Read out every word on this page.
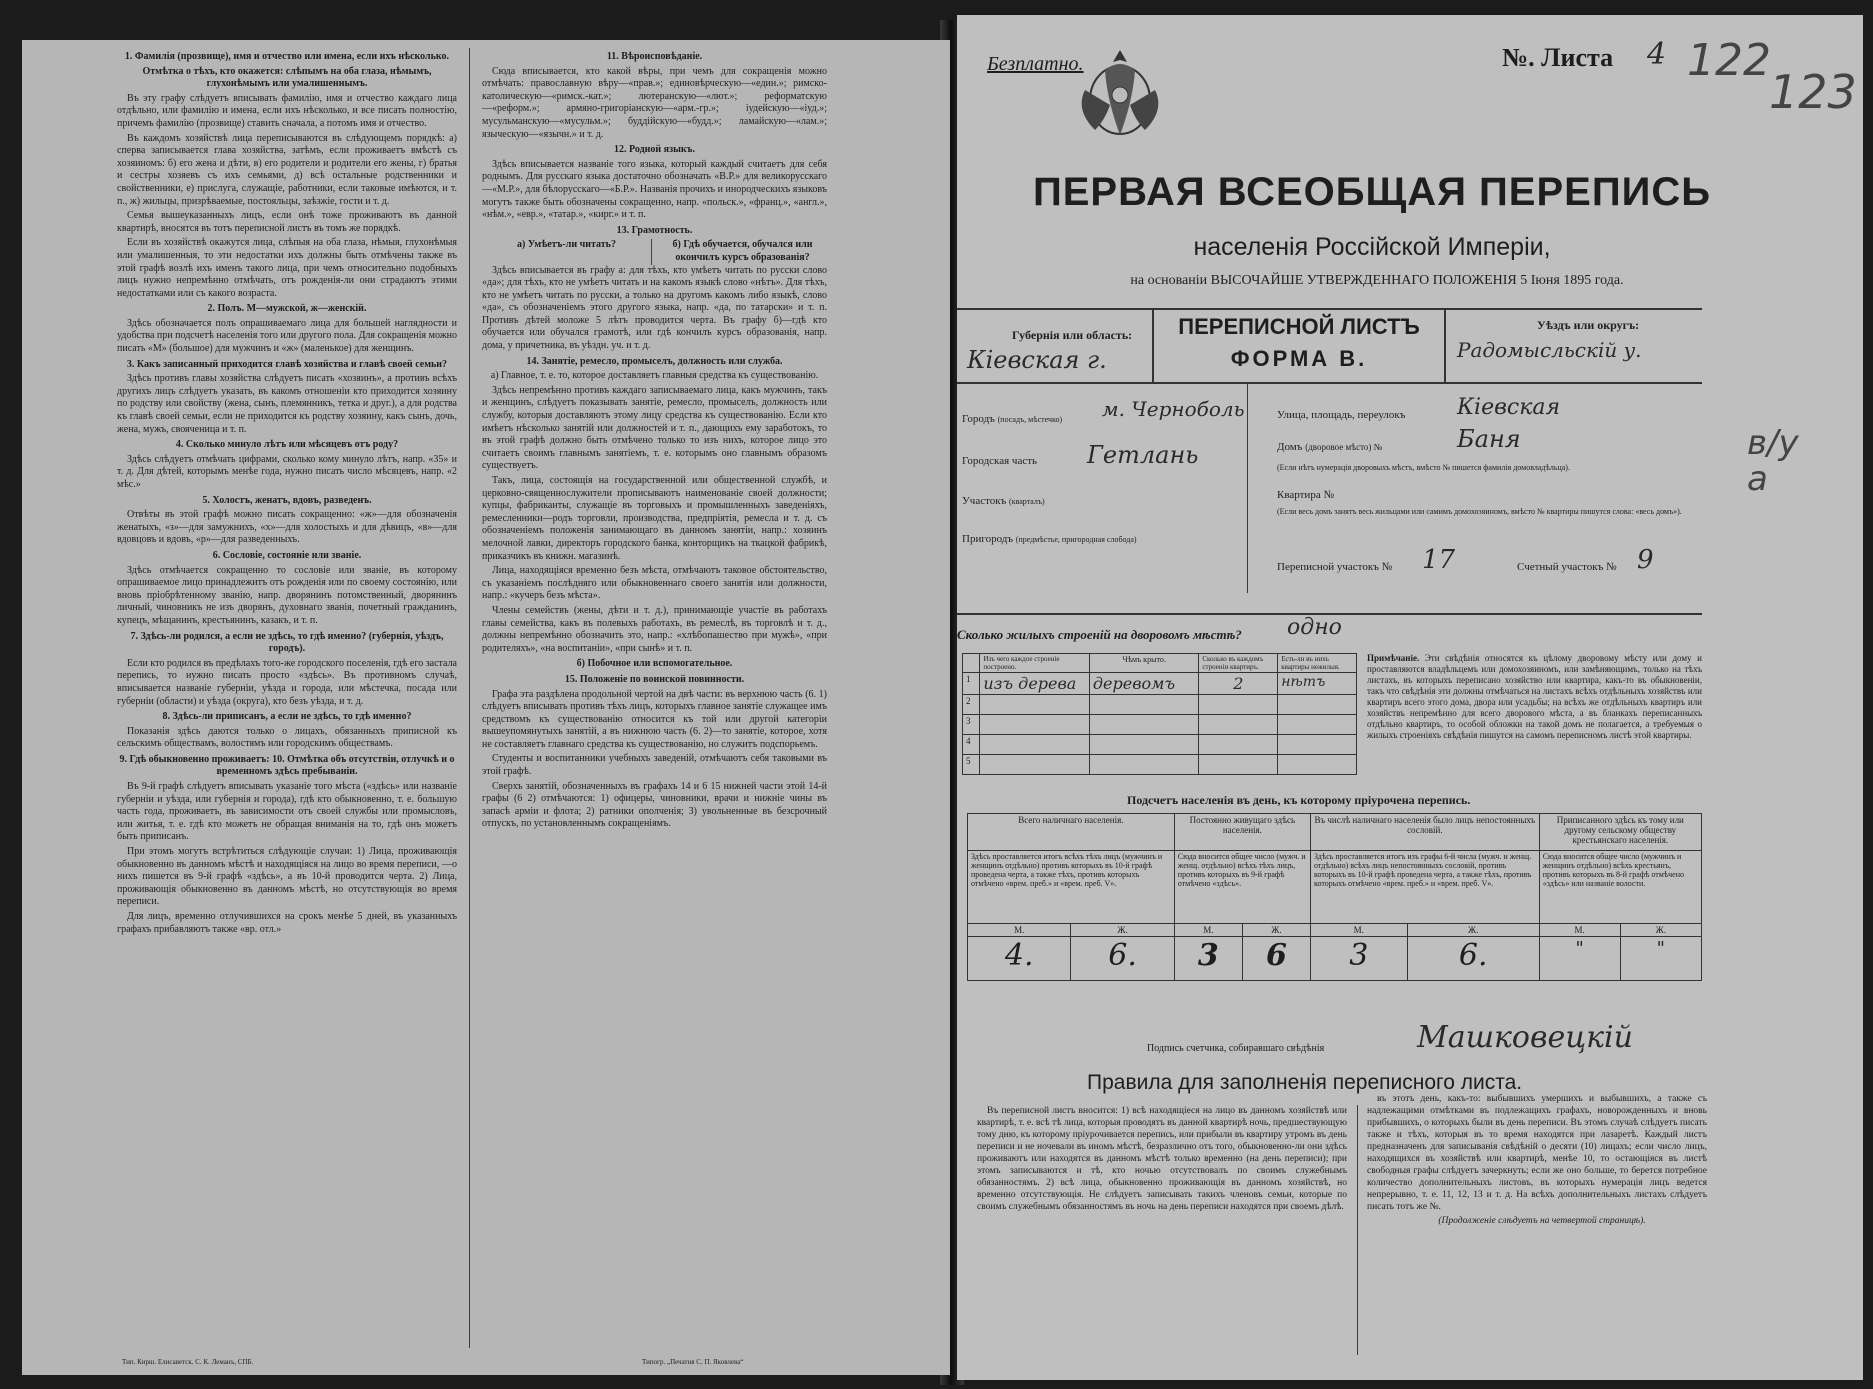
1. Фамилія (прозвище), имя и отчество или имена, если ихъ нѣсколько.

Отмѣтка о тѣхъ, кто окажется: слѣпымъ на оба глаза, нѣмымъ, глухонѣмымъ или умалишеннымъ.

Въ эту графу слѣдуетъ вписывать фамилію, имя и отчество каждаго лица отдѣльно, или фамилію и имена, если ихъ нѣсколько, и все писать полностію, причемъ фамилію (прозвище) ставить сначала, а потомъ имя и отчество.

Въ каждомъ хозяйствѣ лица переписываются въ слѣдующемъ порядкѣ: а) сперва записывается глава хозяйства, затѣмъ, если проживаетъ вмѣстѣ съ хозяиномъ: б) его жена и дѣти, в) его родители и родители его жены, г) братья и сестры хозяевъ съ ихъ семьями, д) всѣ остальные родственники и свойственники, е) прислуга, служащіе, работники, если таковые имѣются, и т. п., ж) жильцы, призрѣваемые, постояльцы, заѣзжіе, гости и т. д.

Семья вышеуказанныхъ лицъ, если онѣ тоже проживаютъ въ данной квартирѣ, вносятся въ тотъ переписной листъ въ томъ же порядкѣ.

Если въ хозяйствѣ окажутся лица, слѣпыя на оба глаза, нѣмыя, глухонѣмыя или умалишенныя, то эти недостатки ихъ должны быть отмѣчены также въ этой графѣ возлѣ ихъ именъ такого лица, при чемъ относительно подобныхъ лицъ нужно непремѣнно отмѣчать, отъ рожденія-ли они страдаютъ этими недостатками или съ какого возраста.

2. Полъ. М—мужской, ж—женскій.

Здѣсь обозначается полъ опрашиваемаго лица для большей наглядности и удобства при подсчетѣ населенія того или другого пола. Для сокращенія можно писать «М» (большое) для мужчинъ и «ж» (маленькое) для женщинъ.

3. Какъ записанный приходится главѣ хозяйства и главѣ своей семьи?

Здѣсь противъ главы хозяйства слѣдуетъ писать «хозяинъ», а противъ всѣхъ другихъ лицъ слѣдуетъ указать, въ какомъ отношеніи кто приходится хозяину по родству или свойству (жена, сынъ, племянникъ, тетка и друг.), а для родства къ главѣ своей семьи, если не приходится къ родству хозяину, какъ сынъ, дочь, жена, мужъ, свояченица и т. п.

4. Сколько минуло лѣтъ или мѣсяцевъ отъ роду?

Здѣсь слѣдуетъ отмѣчать цифрами, сколько кому минуло лѣтъ, напр. «35» и т. д. Для дѣтей, которымъ менѣе года, нужно писать число мѣсяцевъ, напр. «2 мѣс.»

5. Холостъ, женатъ, вдовъ, разведенъ.

Отвѣты въ этой графѣ можно писать сокращенно: «ж»—для обозначенія женатыхъ, «з»—для замужнихъ, «х»—для холостыхъ и для дѣвицъ, «в»—для вдовцовъ и вдовъ, «р»—для разведенныхъ.

6. Сословіе, состояніе или званіе.

Здѣсь отмѣчается сокращенно то сословіе или званіе, въ которому опрашиваемое лицо принадлежитъ отъ рожденія или по своему состоянію, или вновь пріобрѣтенному званію, напр. дворянинъ потомственный, дворянинъ личный, чиновникъ не изъ дворянъ, духовнаго званія, почетный гражданинъ, купецъ, мѣщанинъ, крестьянинъ, казакъ, и т. п.

7. Здѣсь-ли родился, а если не здѣсь, то гдѣ именно? (губернія, уѣздъ, городъ).

Если кто родился въ предѣлахъ того-же городского поселенія, гдѣ его застала перепись, то нужно писать просто «здѣсь». Въ противномъ случаѣ, вписывается названіе губерніи, уѣзда и города, или мѣстечка, посада или губерніи (области) и уѣзда (округа), кто безъ уѣзда, и т. д.

8. Здѣсь-ли приписанъ, а если не здѣсь, то гдѣ именно?

Показанія здѣсь даются только о лицахъ, обязанныхъ приписной къ сельскимъ обществамъ, волостямъ или городскимъ обществамъ.

9. Гдѣ обыкновенно проживаетъ: 10. Отмѣтка объ отсутствіи, отлучкѣ и о временномъ здѣсь пребываніи.

Въ 9-й графѣ слѣдуетъ вписывать указаніе того мѣста («здѣсь» или названіе губерніи и уѣзда, или губернія и города), гдѣ кто обыкновенно, т. е. большую часть года, проживаетъ, въ зависимости отъ своей службы или промысловъ, или житья, т. е. гдѣ кто можетъ не обращая вниманія на то, гдѣ онъ можетъ быть приписанъ.

При этомъ могутъ встрѣтиться слѣдующіе случаи: 1) Лица, проживающія обыкновенно въ данномъ мѣстѣ и находящіяся на лицо во время переписи, —о нихъ пишется въ 9-й графѣ «здѣсь», а въ 10-й проводится черта. 2) Лица, проживающія обыкновенно въ данномъ мѣстѣ, но отсутствующія во время переписи.

Для лицъ, временно отлучившихся на срокъ менѣе 5 дней, въ указанныхъ графахъ прибавляютъ также «вр. отл.»

Тип. Кирш. Елисаветск. С. К. Леманъ, СПБ.
11. Вѣроисповѣданіе.

Сюда вписывается, кто какой вѣры, при чемъ для сокращенія можно отмѣчать: православную вѣру—«прав.»; единовѣрческую—«един.»; римско-католическую—«римск.-кат.»; лютеранскую—«лют.»; реформатскую—«реформ.»; армяно-григоріанскую—«арм.-гр.»; іудейскую—«іуд.»; мусульманскую—«мусульм.»; буддійскую—«будд.»; ламайскую—«лам.»; языческую—«язычн.» и т. д.

12. Родной языкъ.

Здѣсь вписывается названіе того языка, который каждый считаетъ для себя роднымъ. Для русскаго языка достаточно обозначать «В.Р.» для великорусскаго—«М.Р.», для бѣлорусскаго—«Б.Р.». Названія прочихъ и инородческихъ языковъ могутъ также быть обозначены сокращенно, напр. «польск.», «франц.», «англ.», «нѣм.», «евр.», «татар.», «кирг.» и т. п.

13. Грамотность.
а) Умѣетъ-ли читать?	б) Гдѣ обучается, обучался или окончилъ курсъ образованія?

Здѣсь вписывается въ графу а: для тѣхъ, кто умѣетъ читать по русски слово «да»; для тѣхъ, кто не умѣетъ читать и на какомъ языкѣ слово «нѣтъ». Для тѣхъ, кто не умѣетъ читать по русски, а только на другомъ какомъ либо языкѣ, слово «да», съ обозначеніемъ этого другого языка, напр. «да, по татарски» и т. п. Противъ дѣтей моложе 5 лѣтъ проводится черта. Въ графу б)—гдѣ кто обучается или обучался грамотѣ, или гдѣ кончилъ курсъ образованія, напр. дома, у причетника, въ уѣздн. уч. и т. д.

14. Занятіе, ремесло, промыселъ, должность или служба.

а) Главное, т. е. то, которое доставляетъ главныя средства къ существованію.

Здѣсь непремѣнно противъ каждаго записываемаго лица, какъ мужчинъ, такъ и женщинъ, слѣдуетъ показывать занятіе, ремесло, промыселъ, должность или службу, которыя доставляютъ этому лицу средства къ существованію. Если кто имѣетъ нѣсколько занятій или должностей и т. п., дающихъ ему заработокъ, то въ этой графѣ должно быть отмѣчено только то изъ нихъ, которое лицо это считаетъ своимъ главнымъ занятіемъ, т. е. которымъ оно главнымъ образомъ существуетъ.

Такъ, лица, состоящія на государственной или общественной службѣ, и церковно-священнослужители прописываютъ наименованіе своей должности; купцы, фабриканты, служащіе въ торговыхъ и промышленныхъ заведеніяхъ, ремесленники—родъ торговли, производства, предпріятія, ремесла и т. д. съ обозначеніемъ положенія занимающаго въ данномъ занятіи, напр.: хозяинъ мелочной лавки, директоръ городского банка, конторщикъ на ткацкой фабрикѣ, приказчикъ въ книжн. магазинѣ.

Лица, находящіяся временно безъ мѣста, отмѣчаютъ таковое обстоятельство, съ указаніемъ послѣдняго или обыкновеннаго своего занятія или должности, напр.: «кучеръ безъ мѣста».

Члены семействъ (жены, дѣти и т. д.), принимающіе участіе въ работахъ главы семейства, какъ въ полевыхъ работахъ, въ ремеслѣ, въ торговлѣ и т. д., должны непремѣнно обозначить это, напр.: «хлѣбопашество при мужѣ», «при родителяхъ», «на воспитаніи», «при сынѣ» и т. п.

б) Побочное или вспомогательное.
15. Положеніе по воинской повинности.

Графа эта раздѣлена продольной чертой на двѣ части: въ верхнюю часть (6. 1) слѣдуетъ вписывать противъ тѣхъ лицъ, которыхъ главное занятіе служащее имъ средствомъ къ существованію относится къ той или другой категоріи вышеупомянутыхъ занятій, а въ нижнюю часть (6. 2)—то занятіе, которое, хотя не составляетъ главнаго средства къ существованію, но служитъ подспорьемъ.

Студенты и воспитанники учебныхъ заведеній, отмѣчаютъ себя таковыми въ этой графѣ.

Сверхъ занятій, обозначенныхъ въ графахъ 14 и 6 15 нижней части этой 14-й графы (6 2) отмѣчаются: 1) офицеры, чиновники, врачи и нижніе чины въ запасѣ арміи и флота; 2) ратники ополченія; 3) увольненные въ безсрочный отпускъ, по установленнымъ сокращеніямъ.

Типогр. „Печатня С. П. Яковлева“
Безплатно.	№. Листа 4 122
123
ПЕРВАЯ ВСЕОБЩАЯ ПЕРЕПИСЬ
населенія Россійской Имперіи,
на основаніи ВЫСОЧАЙШЕ УТВЕРЖДЕННАГО ПОЛОЖЕНІЯ 5 Іюня 1895 года.
Губернія или область:
Кіевская г.
ПЕРЕПИСНОЙ ЛИСТЪ
ФОРМА В.
Уѣздъ или округъ:
Радомысльскій у.
в/у а
Городъ (посадъ, мѣстечко) м. Черноболь
Городская часть Гетлань
Участокъ (кварталъ)
Пригородъ (предмѣстье, пригородная слобода)
Улица, площадь, переулокъ Кіевская
Домъ (дворовое мѣсто) №	Баня
(Если нѣтъ нумерація дворовыхъ мѣстъ, вмѣсто № пишется фамилія домовладѣльца).
Квартира №
(Если весь домъ занятъ весь жильцами или самимъ домохозяиномъ, вмѣсто № квартиры пишутся слова: «весь домъ»).
Переписной участокъ № 17	Счетный участокъ № 9
Сколько жилыхъ строеній на дворовомъ мѣстѣ? одно
	Изъ чего каждое строеніе построено.	Чѣмъ крыто.	Сколько въ каждомъ строеніи квартиръ.	Есть-ли въ нихъ квартиры нежилыя.
1	изъ дерева	деревомъ	2	нѣтъ
2				
3				
4				
5				
Примѣчаніе. Эти свѣдѣнія относятся къ цѣлому дворовому мѣсту или дому и проставляются владѣльцемъ или домохозяиномъ, или замѣняющимъ, только на тѣхъ листахъ, въ которыхъ переписано хозяйство или квартира, какъ-то въ обыкновеніи, такъ что свѣдѣнія эти должны отмѣчаться на листахъ всѣхъ отдѣльныхъ хозяйствъ или квартиръ всего этого дома, двора или усадьбы; на всѣхъ же отдѣльныхъ квартиръ или хозяйствъ непремѣнно для всего дворового мѣста, а въ бланкахъ переписанныхъ отдѣльно квартиръ, то особой обложки на такой домъ не полагается, а требуемыя о жилыхъ строеніяхъ свѣдѣнія пишутся на самомъ переписномъ листѣ этой квартиры.
Подсчетъ населенія въ день, къ которому пріурочена перепись.
Всего наличнаго населенія.		Постоянно живущаго здѣсь населенія.		Въ числѣ наличнаго населенія было лицъ непостоянныхъ сословій.		Приписанного здѣсь къ тому или другому сельскому обществу крестьянскаго населенія.	
Здѣсь проставляется итогъ всѣхъ тѣхъ лицъ (мужчинъ и женщинъ отдѣльно) противъ которыхъ въ 10-й графѣ проведена черта, а также тѣхъ, противъ которыхъ отмѣчено «врем. преб.» и «врем. преб. V».		Сюда вносится общее число (мужч. и женщ. отдѣльно) всѣхъ тѣхъ лицъ, противъ которыхъ въ 9-й графѣ отмѣчено «здѣсь».		Здѣсь проставляется итогъ изъ графы 6-й числа (мужч. и женщ. отдѣльно) всѣхъ лицъ непостоянныхъ сословій, противъ которыхъ въ 10-й графѣ проведена черта, а также тѣхъ, противъ которыхъ отмѣчено «врем. преб.» и «врем. преб. V».		Сюда вносится общее число (мужчинъ и женщинъ отдѣльно) всѣхъ крестьянъ, противъ которыхъ въ 8-й графѣ отмѣчено «здѣсь» или названіе волости.	
М.	Ж.	М.	Ж.	М.	Ж.	М.	Ж.
4.	6.	3	6	3	6.	"	"
Подпись счетчика, собиравшаго свѣдѣнія	Машковецкій
Правила для заполненія переписного листа.

Въ переписной листъ вносится: 1) всѣ находящіеся на лицо въ данномъ хозяйствѣ или квартирѣ, т. е. всѣ тѣ лица, которыя проводятъ въ данной квартирѣ ночь, предшествующую тому дню, къ которому пріурочивается перепись, или прибыли въ квартиру утромъ въ день переписи и не ночевали въ иномъ мѣстѣ, безразлично отъ того, обыкновенно-ли они здѣсь проживаютъ или находятся въ данномъ мѣстѣ только временно (на день переписи); при этомъ записываются и тѣ, кто ночью отсутствовалъ по своимъ служебнымъ обязанностямъ. 2) всѣ лица, обыкновенно проживающія въ данномъ хозяйствѣ, но временно отсутствующія. Не слѣдуетъ записывать такихъ членовъ семьи, которые по своимъ служебнымъ обязанностямъ въ ночь на день переписи находятся при своемъ дѣлѣ.

въ этотъ день, какъ-то: выбывшихъ умершихъ и выбывшихъ, а также съ надлежащими отмѣтками въ подлежащихъ графахъ, новорожденныхъ и вновь прибывшихъ, о которыхъ были въ день переписи. Въ этомъ случаѣ слѣдуетъ писать также и тѣхъ, которыя въ то время находятся при лазаретѣ. Каждый листъ предназначенъ для записыванія свѣдѣній о десяти (10) лицахъ; если число лицъ, находящихся въ хозяйствѣ или квартирѣ, менѣе 10, то остающіяся въ листѣ свободныя графы слѣдуетъ зачеркнуть; если же оно больше, то берется потребное количество дополнительныхъ листовъ, въ которыхъ нумерація лицъ ведется непрерывно, т. е. 11, 12, 13 и т. д. На всѣхъ дополнительныхъ листахъ слѣдуетъ писать тотъ же №.

(Продолженіе слѣдуетъ на четвертой страницѣ).
